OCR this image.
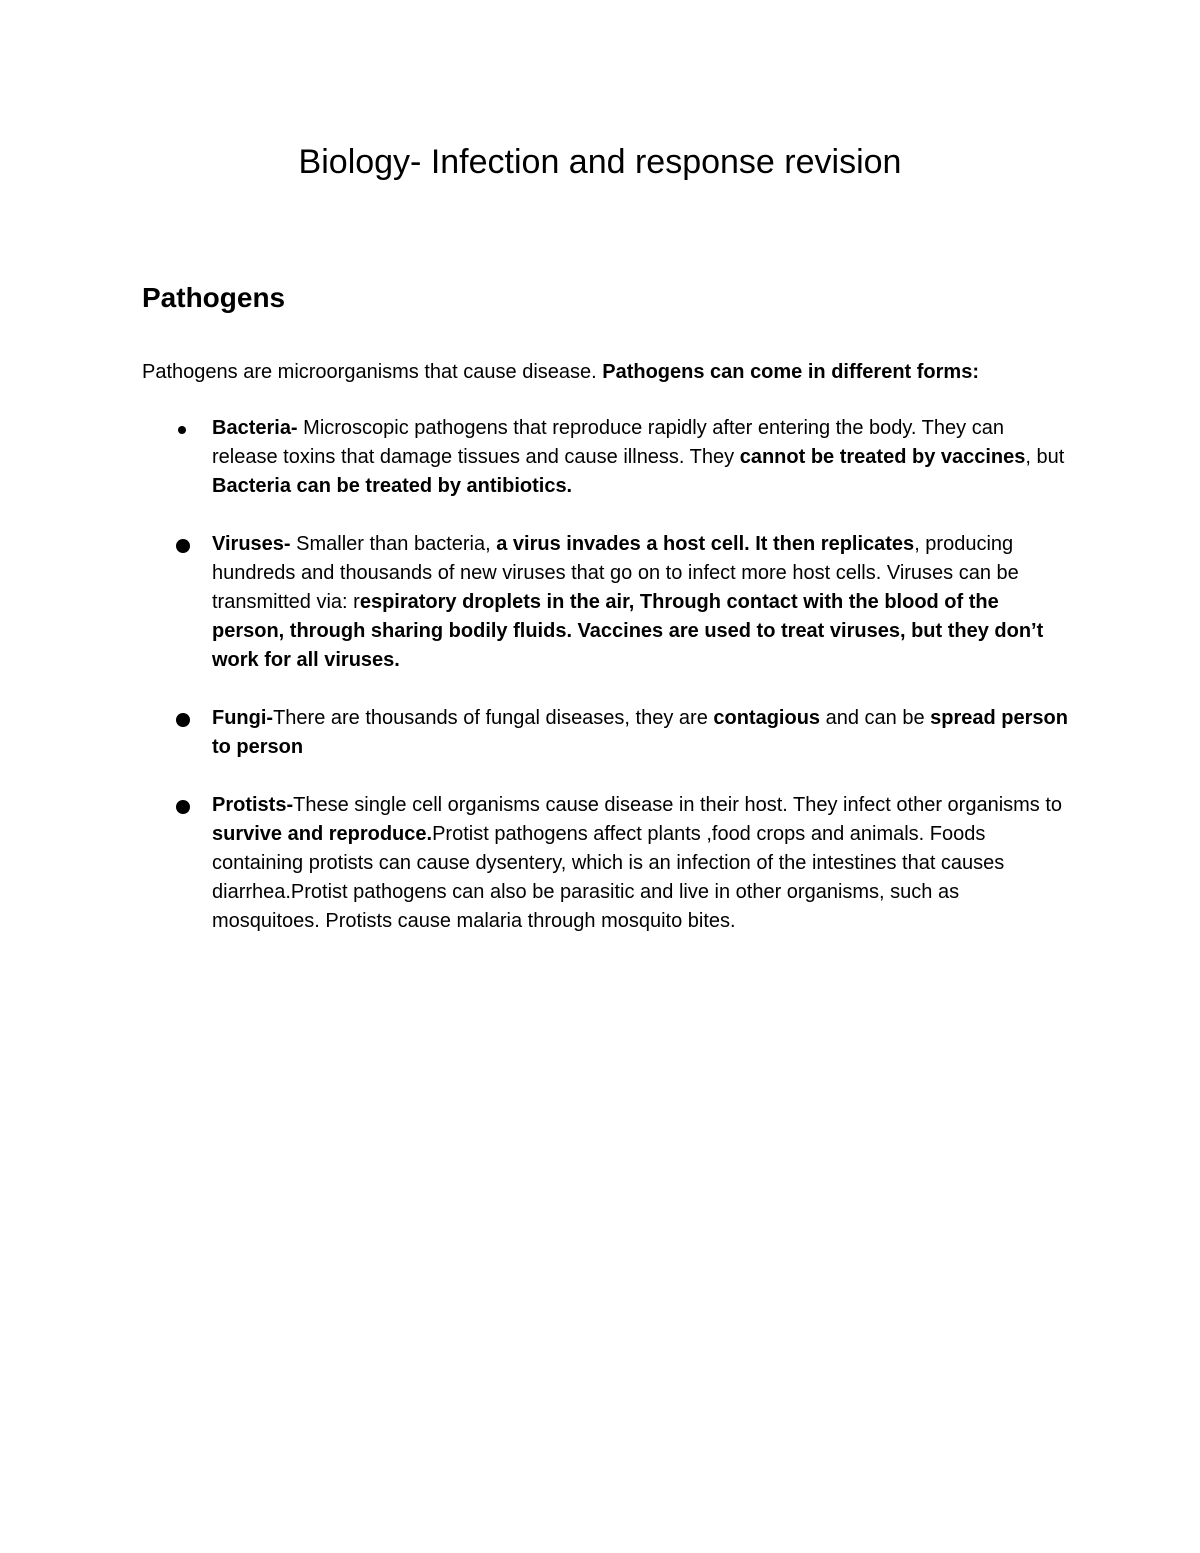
Biology- Infection and response revision
Pathogens

Pathogens are microorganisms that cause disease. Pathogens can come in different forms:

Bacteria- Microscopic pathogens that reproduce rapidly after entering the body. They can release toxins that damage tissues and cause illness. They cannot be treated by vaccines, but Bacteria can be treated by antibiotics.
Viruses- Smaller than bacteria, a virus invades a host cell. It then replicates, producing hundreds and thousands of new viruses that go on to infect more host cells. Viruses can be transmitted via: respiratory droplets in the air, Through contact with the blood of the person, through sharing bodily fluids. Vaccines are used to treat viruses, but they don’t work for all viruses.
Fungi-There are thousands of fungal diseases, they are contagious and can be spread person to person
Protists-These single cell organisms cause disease in their host. They infect other organisms to survive and reproduce.Protist pathogens affect plants ,food crops and animals. Foods containing protists can cause dysentery, which is an infection of the intestines that causes diarrhea.Protist pathogens can also be parasitic and live in other organisms, such as mosquitoes. Protists cause malaria through mosquito bites.
